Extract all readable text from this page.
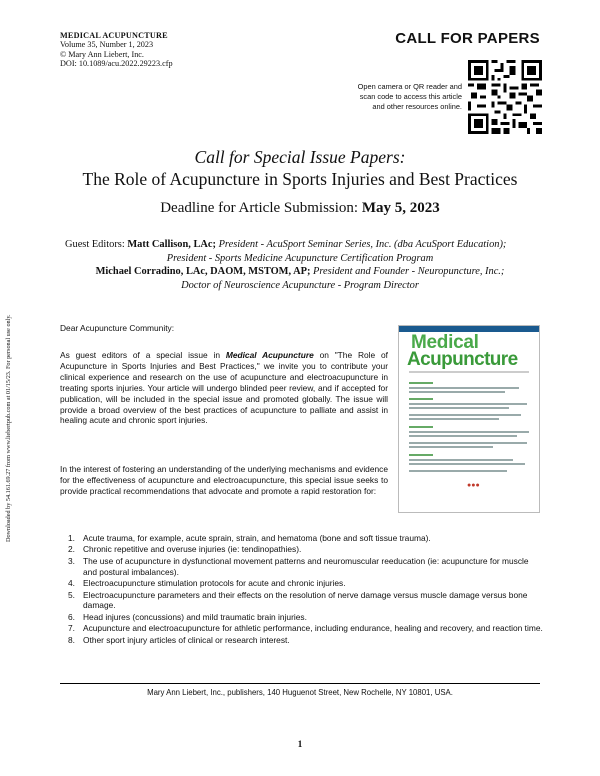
MEDICAL ACUPUNCTURE
Volume 35, Number 1, 2023
© Mary Ann Liebert, Inc.
DOI: 10.1089/acu.2022.29223.cfp
CALL FOR PAPERS
Open camera or QR reader and
scan code to access this article
and other resources online.
Call for Special Issue Papers:
The Role of Acupuncture in Sports Injuries and Best Practices
Deadline for Article Submission: May 5, 2023
Guest Editors: Matt Callison, LAc; President - AcuSport Seminar Series, Inc. (dba AcuSport Education);
President - Sports Medicine Acupuncture Certification Program
Michael Corradino, LAc, DAOM, MSTOM, AP; President and Founder - Neuropuncture, Inc.;
Doctor of Neuroscience Acupuncture - Program Director
Downloaded by 54.161.69.27 from www.liebertpub.com at 01/15/23. For personal use only.	Dear Acupuncture Community:
As guest editors of a special issue in Medical Acupuncture on "The Role of Acupuncture in Sports Injuries and Best Practices," we invite you to contribute your clinical experience and research on the use of acupuncture and electroacupuncture in treating sports injuries. Your article will undergo blinded peer review, and if accepted for publication, will be included in the special issue and promoted globally. The issue will provide a broad overview of the best practices of acupuncture to palliate and assist in healing acute and chronic sport injuries.
In the interest of fostering an understanding of the underlying mechanisms and evidence for the effectiveness of acupuncture and electroacupuncture, this special issue seeks to provide practical recommendations that advocate and promote a rapid restoration for:
Medical
Acupuncture
●●●
1. Acute trauma, for example, acute sprain, strain, and hematoma (bone and soft tissue trauma).
2. Chronic repetitive and overuse injuries (ie: tendinopathies).
3. The use of acupuncture in dysfunctional movement patterns and neuromuscular reeducation (ie: acupuncture for muscle and postural imbalances).
4. Electroacupuncture stimulation protocols for acute and chronic injuries.
5. Electroacupuncture parameters and their effects on the resolution of nerve damage versus muscle damage versus bone damage.
6. Head injures (concussions) and mild traumatic brain injuries.
7. Acupuncture and electroacupuncture for athletic performance, including endurance, healing and recovery, and reaction time.
8. Other sport injury articles of clinical or research interest.
Mary Ann Liebert, Inc., publishers, 140 Huguenot Street, New Rochelle, NY 10801, USA.
1
